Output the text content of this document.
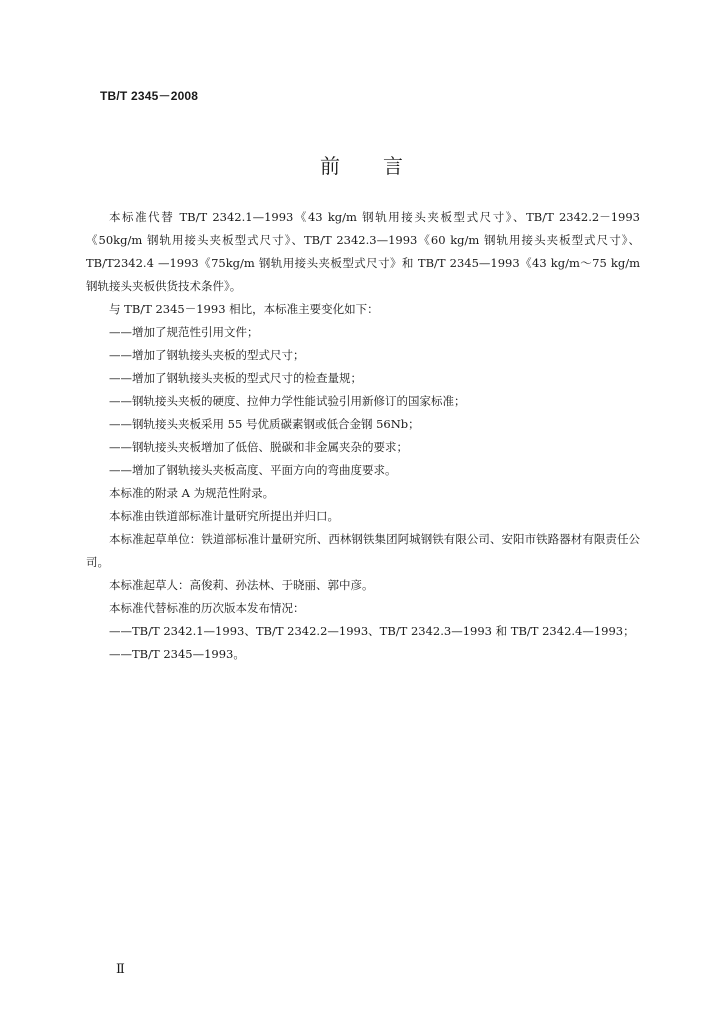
TB/T 2345－2008
前　　言

本标准代替 TB/T 2342.1—1993《43 kg/m 钢轨用接头夹板型式尺寸》、TB/T 2342.2－1993《50kg/m 钢轨用接头夹板型式尺寸》、TB/T 2342.3—1993《60 kg/m 钢轨用接头夹板型式尺寸》、TB/T2342.4 —1993《75kg/m 钢轨用接头夹板型式尺寸》和 TB/T 2345—1993《43 kg/m～75 kg/m 钢轨接头夹板供货技术条件》。

与 TB/T 2345－1993 相比，本标准主要变化如下：

——增加了规范性引用文件；

——增加了钢轨接头夹板的型式尺寸；

——增加了钢轨接头夹板的型式尺寸的检查量规；

——钢轨接头夹板的硬度、拉伸力学性能试验引用新修订的国家标准；

——钢轨接头夹板采用 55 号优质碳素钢或低合金钢 56Nb；

——钢轨接头夹板增加了低倍、脱碳和非金属夹杂的要求；

——增加了钢轨接头夹板高度、平面方向的弯曲度要求。

本标准的附录 A 为规范性附录。

本标准由铁道部标准计量研究所提出并归口。

本标准起草单位：铁道部标准计量研究所、西林钢铁集团阿城钢铁有限公司、安阳市铁路器材有限责任公司。

本标准起草人：高俊莉、孙法林、于晓丽、郭中彦。

本标准代替标准的历次版本发布情况：

——TB/T 2342.1—1993、TB/T 2342.2—1993、TB/T 2342.3—1993 和 TB/T 2342.4—1993；

——TB/T 2345—1993。

Ⅱ
